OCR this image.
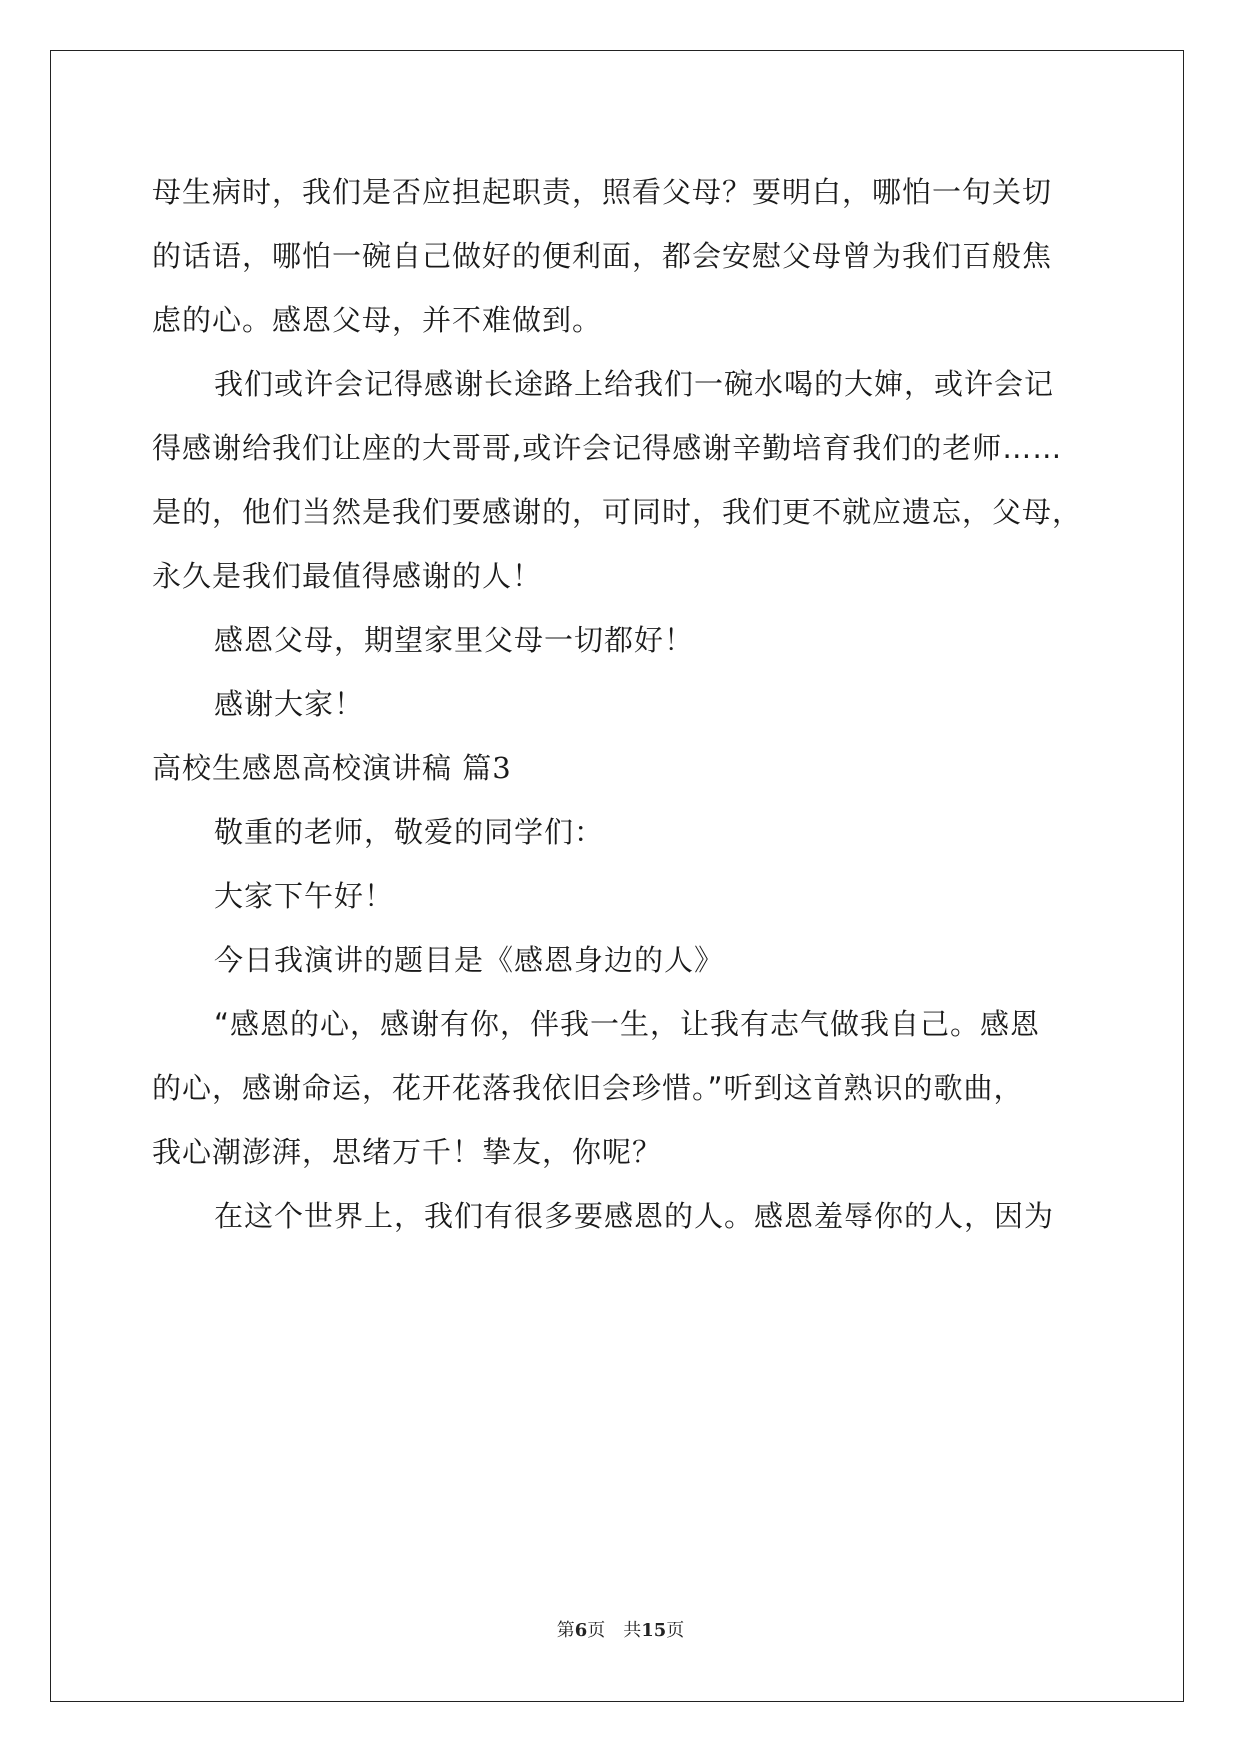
母生病时，我们是否应担起职责，照看父母？要明白，哪怕一句关切
的话语，哪怕一碗自己做好的便利面，都会安慰父母曾为我们百般焦
虑的心。感恩父母，并不难做到。
我们或许会记得感谢长途路上给我们一碗水喝的大婶，或许会记
得感谢给我们让座的大哥哥,或许会记得感谢辛勤培育我们的老师……
是的，他们当然是我们要感谢的，可同时，我们更不就应遗忘，父母，
永久是我们最值得感谢的人！
感恩父母，期望家里父母一切都好！
感谢大家！
高校生感恩高校演讲稿 篇3
敬重的老师，敬爱的同学们：
大家下午好！
今日我演讲的题目是《感恩身边的人》
“感恩的心，感谢有你，伴我一生，让我有志气做我自己。感恩
的心，感谢命运，花开花落我依旧会珍惜。”听到这首熟识的歌曲，
我心潮澎湃，思绪万千！挚友，你呢？
在这个世界上，我们有很多要感恩的人。感恩羞辱你的人，因为
第6页 共15页
